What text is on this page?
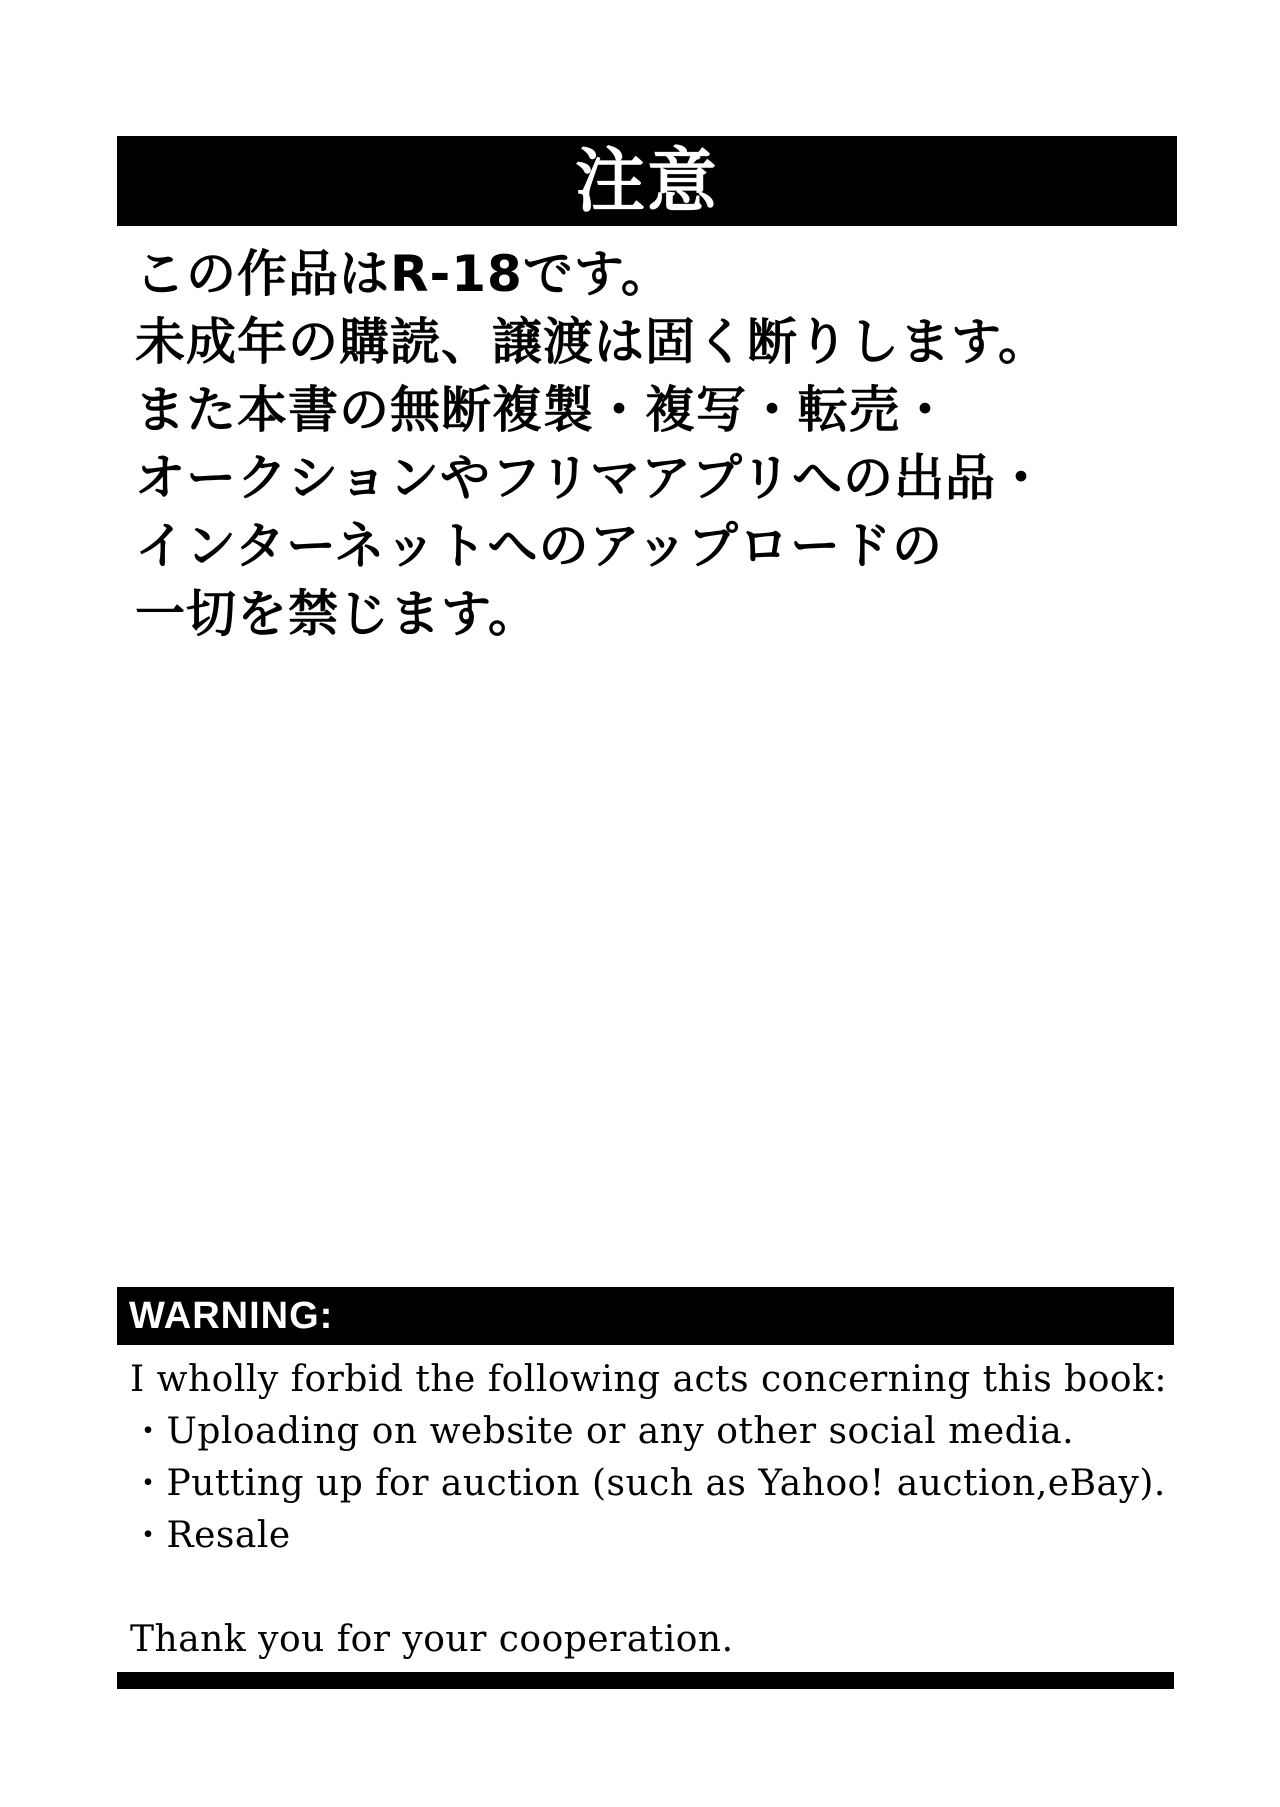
注意
この作品はR-18です。
未成年の購読、譲渡は固く断りします。
また本書の無断複製・複写・転売・
オークションやフリマアプリへの出品・
インターネットへのアップロードの
一切を禁じます。
WARNING:
I wholly forbid the following acts concerning this book:
・Uploading on website or any other social media.
・Putting up for auction (such as Yahoo! auction,eBay).
・Resale
Thank you for your cooperation.
